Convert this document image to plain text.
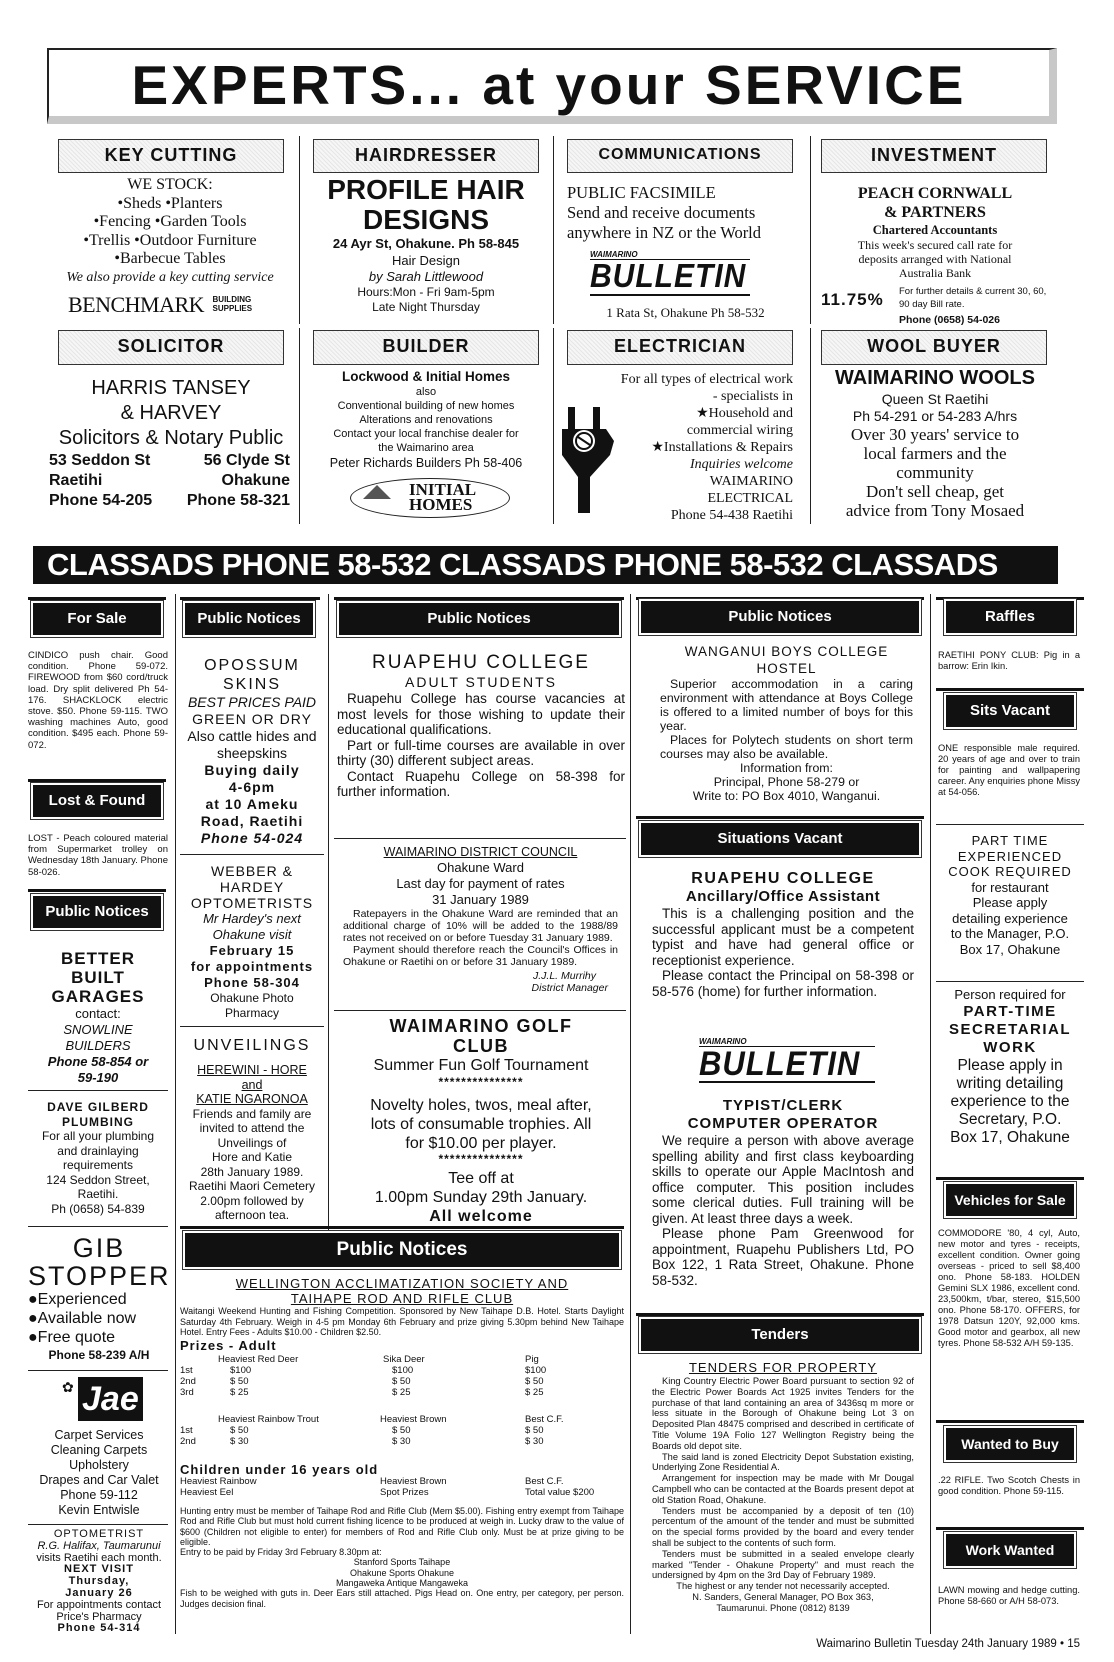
EXPERTS... at your SERVICE
KEY CUTTING
WE STOCK:
•Sheds •Planters
•Fencing •Garden Tools
•Trellis •Outdoor Furniture
•Barbecue Tables
We also provide a key cutting service
BENCHMARK BUILDING
SUPPLIES
HAIRDRESSER
PROFILE HAIR
DESIGNS
24 Ayr St, Ohakune. Ph 58-845
Hair Design
by Sarah Littlewood
Hours:Mon - Fri 9am-5pm
Late Night Thursday
COMMUNICATIONS
PUBLIC FACSIMILE
Send and receive documents
anywhere in NZ or the World
WAIMARINO
BULLETIN
1 Rata St, Ohakune Ph 58-532
INVESTMENT
PEACH CORNWALL
& PARTNERS
Chartered Accountants
This week's secured call rate for
deposits arranged with National
Australia Bank
11.75% For further details & current 30, 60,
90 day Bill rate.
Phone (0658) 54-026
SOLICITOR
HARRIS TANSEY
& HARVEY
Solicitors & Notary Public
53 Seddon St
Raetihi
Phone 54-205
56 Clyde St
Ohakune
Phone 58-321
BUILDER
Lockwood & Initial Homes
also
Conventional building of new homes
Alterations and renovations
Contact your local franchise dealer for
the Waimarino area
Peter Richards Builders Ph 58-406
INITIAL
HOMES
ELECTRICIAN
For all types of electrical work
- specialists in
★Household and
commercial wiring
★Installations & Repairs
Inquiries welcome
WAIMARINO
ELECTRICAL
Phone 54-438 Raetihi
WOOL BUYER
WAIMARINO WOOLS
Queen St Raetihi
Ph 54-291 or 54-283 A/hrs
Over 30 years' service to
local farmers and the
community
Don't sell cheap, get
advice from Tony Mosaed
CLASSADS PHONE 58-532 CLASSADS PHONE 58-532 CLASSADS
For Sale
CINDICO push chair. Good condition. Phone 59-072. FIREWOOD from $60 cord/truck load. Dry split delivered Ph 54-176. SHACKLOCK electric stove. $50. Phone 59-115. TWO washing machines Auto, good condition. $495 each. Phone 59-072.
Lost & Found
LOST - Peach coloured material from Supermarket trolley on Wednesday 18th January. Phone 58-026.
Public Notices
BETTER
BUILT
GARAGES
contact:
SNOWLINE
BUILDERS
Phone 58-854 or
59-190
DAVE GILBERD
PLUMBING
For all your plumbing
and drainlaying
requirements
124 Seddon Street,
Raetihi.
Ph (0658) 54-839
GIB
STOPPER
●Experienced
●Available now
●Free quote
Phone 58-239 A/H
✿ Jae
Carpet Services
Cleaning Carpets
Upholstery
Drapes and Car Valet
Phone 59-112
Kevin Entwisle
OPTOMETRIST
R.G. Halifax, Taumarunui
visits Raetihi each month.
NEXT VISIT
Thursday,
January 26
For appointments contact
Price's Pharmacy
Phone 54-314
Public Notices
OPOSSUM
SKINS
BEST PRICES PAID
GREEN OR DRY
Also cattle hides and
sheepskins
Buying daily
4-6pm
at 10 Ameku
Road, Raetihi
Phone 54-024
WEBBER &
HARDEY
OPTOMETRISTS
Mr Hardey's next
Ohakune visit
February 15
for appointments
Phone 58-304
Ohakune Photo
Pharmacy
UNVEILINGS
HEREWINI - HORE
and
KATIE NGARONOA
Friends and family are
invited to attend the
Unveilings of
Hore and Katie
28th January 1989.
Raetihi Maori Cemetery
2.00pm followed by
afternoon tea.
Public Notices
RUAPEHU COLLEGE
ADULT STUDENTS
Ruapehu College has course vacancies at most levels for those wishing to update their educational qualifications.
Part or full-time courses are available in over thirty (30) different subject areas.
Contact Ruapehu College on 58-398 for further information.
WAIMARINO DISTRICT COUNCIL
Ohakune Ward
Last day for payment of rates
31 January 1989
Ratepayers in the Ohakune Ward are reminded that an additional charge of 10% will be added to the 1988/89 rates not received on or before Tuesday 31 January 1989.
Payment should therefore reach the Council's Offices in Ohakune or Raetihi on or before 31 January 1989.
J.J.L. Murrihy
District Manager
WAIMARINO GOLF
CLUB
Summer Fun Golf Tournament
***************
Novelty holes, twos, meal after,
lots of consumable trophies. All
for $10.00 per player.
***************
Tee off at
1.00pm Sunday 29th January.
All welcome
Public Notices
WANGANUI BOYS COLLEGE
HOSTEL
Superior accommodation in a caring environment with attendance at Boys College is offered to a limited number of boys for this year.
Places for Polytech students on short term courses may also be available.
Information from:
Principal, Phone 58-279 or
Write to: PO Box 4010, Wanganui.
Situations Vacant
RUAPEHU COLLEGE
Ancillary/Office Assistant
This is a challenging position and the successful applicant must be a competent typist and have had general office or receptionist experience.
Please contact the Principal on 58-398 or 58-576 (home) for further information.
WAIMARINO
BULLETIN
TYPIST/CLERK
COMPUTER OPERATOR
We require a person with above average spelling ability and first class keyboarding skills to operate our Apple MacIntosh and office computer. This position includes some clerical duties. Full training will be given. At least three days a week.
Please phone Pam Greenwood for appointment, Ruapehu Publishers Ltd, PO Box 122, 1 Rata Street, Ohakune. Phone 58-532.
Tenders
TENDERS FOR PROPERTY
King Country Electric Power Board pursuant to section 92 of the Electric Power Boards Act 1925 invites Tenders for the purchase of that land containing an area of 3436sq m more or less situate in the Borough of Ohakune being Lot 3 on Deposited Plan 48475 comprised and described in certificate of Title Volume 19A Folio 127 Wellington Registry being the Boards old depot site.
The said land is zoned Electricity Depot Substation existing, Underlying Zone Residential A.
Arrangement for inspection may be made with Mr Dougal Campbell who can be contacted at the Boards present depot at old Station Road, Ohakune.
Tenders must be accompanied by a deposit of ten (10) percentum of the amount of the tender and must be submitted on the special forms provided by the board and every tender shall be subject to the contents of such form.
Tenders must be submitted in a sealed envelope clearly marked "Tender - Ohakune Property" and must reach the undersigned by 4pm on the 3rd Day of February 1989.
The highest or any tender not necessarily accepted.
N. Sanders, General Manager, PO Box 363,
Taumarunui. Phone (0812) 8139
Raffles
RAETIHI PONY CLUB: Pig in a barrow: Erin Ikin.
Sits Vacant
ONE responsible male required. 20 years of age and over to train for painting and wallpapering career. Any enquiries phone Missy at 54-056.
PART TIME
EXPERIENCED
COOK REQUIRED
for restaurant
Please apply
detailing experience
to the Manager, P.O.
Box 17, Ohakune
Person required for
PART-TIME
SECRETARIAL
WORK
Please apply in
writing detailing
experience to the
Secretary, P.O.
Box 17, Ohakune
Vehicles for Sale
COMMODORE '80, 4 cyl, Auto, new motor and tyres - receipts, excellent condition. Owner going overseas - priced to sell $8,400 ono. Phone 58-183. HOLDEN Gemini SLX 1986, excellent cond. 23,500km, t/bar, stereo, $15,500 ono. Phone 58-170. OFFERS, for 1978 Datsun 120Y, 92,000 kms. Good motor and gearbox, all new tyres. Phone 58-532 A/H 59-135.
Wanted to Buy
.22 RIFLE. Two Scotch Chests in good condition. Phone 59-115.
Work Wanted
LAWN mowing and hedge cutting. Phone 58-660 or A/H 58-073.
Public Notices
WELLINGTON ACCLIMATIZATION SOCIETY AND
TAIHAPE ROD AND RIFLE CLUB
Waitangi Weekend Hunting and Fishing Competition. Sponsored by New Taihape D.B. Hotel. Starts Daylight Saturday 4th February. Weigh in 4-5 pm Monday 6th February and prize giving 5.30pm behind New Taihape Hotel. Entry Fees - Adults $10.00 - Children $2.50.
Prizes - Adult
Heaviest Red Deer	Sika Deer	Pig
1st	$100	$100	$100
2nd	$ 50	$ 50	$ 50
3rd	$ 25	$ 25	$ 25
Heaviest Rainbow Trout	Heaviest Brown	Best C.F.
1st	$ 50	$ 50	$ 50
2nd	$ 30	$ 30	$ 30
Children under 16 years old
Heaviest Rainbow	Heaviest Brown	Best C.F.
Heaviest Eel	Spot Prizes	Total value $200
Hunting entry must be member of Taihape Rod and Rifle Club (Mem $5.00). Fishing entry exempt from Taihape Rod and Rifle Club but must hold current fishing licence to be produced at weigh in. Lucky draw to the value of $600 (Children not eligible to enter) for members of Rod and Rifle Club only. Must be at prize giving to be eligible.
Entry to be paid by Friday 3rd February 8.30pm at:
Stanford Sports Taihape
Ohakune Sports Ohakune
Mangaweka Antique Mangaweka
Fish to be weighed with guts in. Deer Ears still attached. Pigs Head on. One entry, per category, per person. Judges decision final.
Waimarino Bulletin Tuesday 24th January 1989 • 15
